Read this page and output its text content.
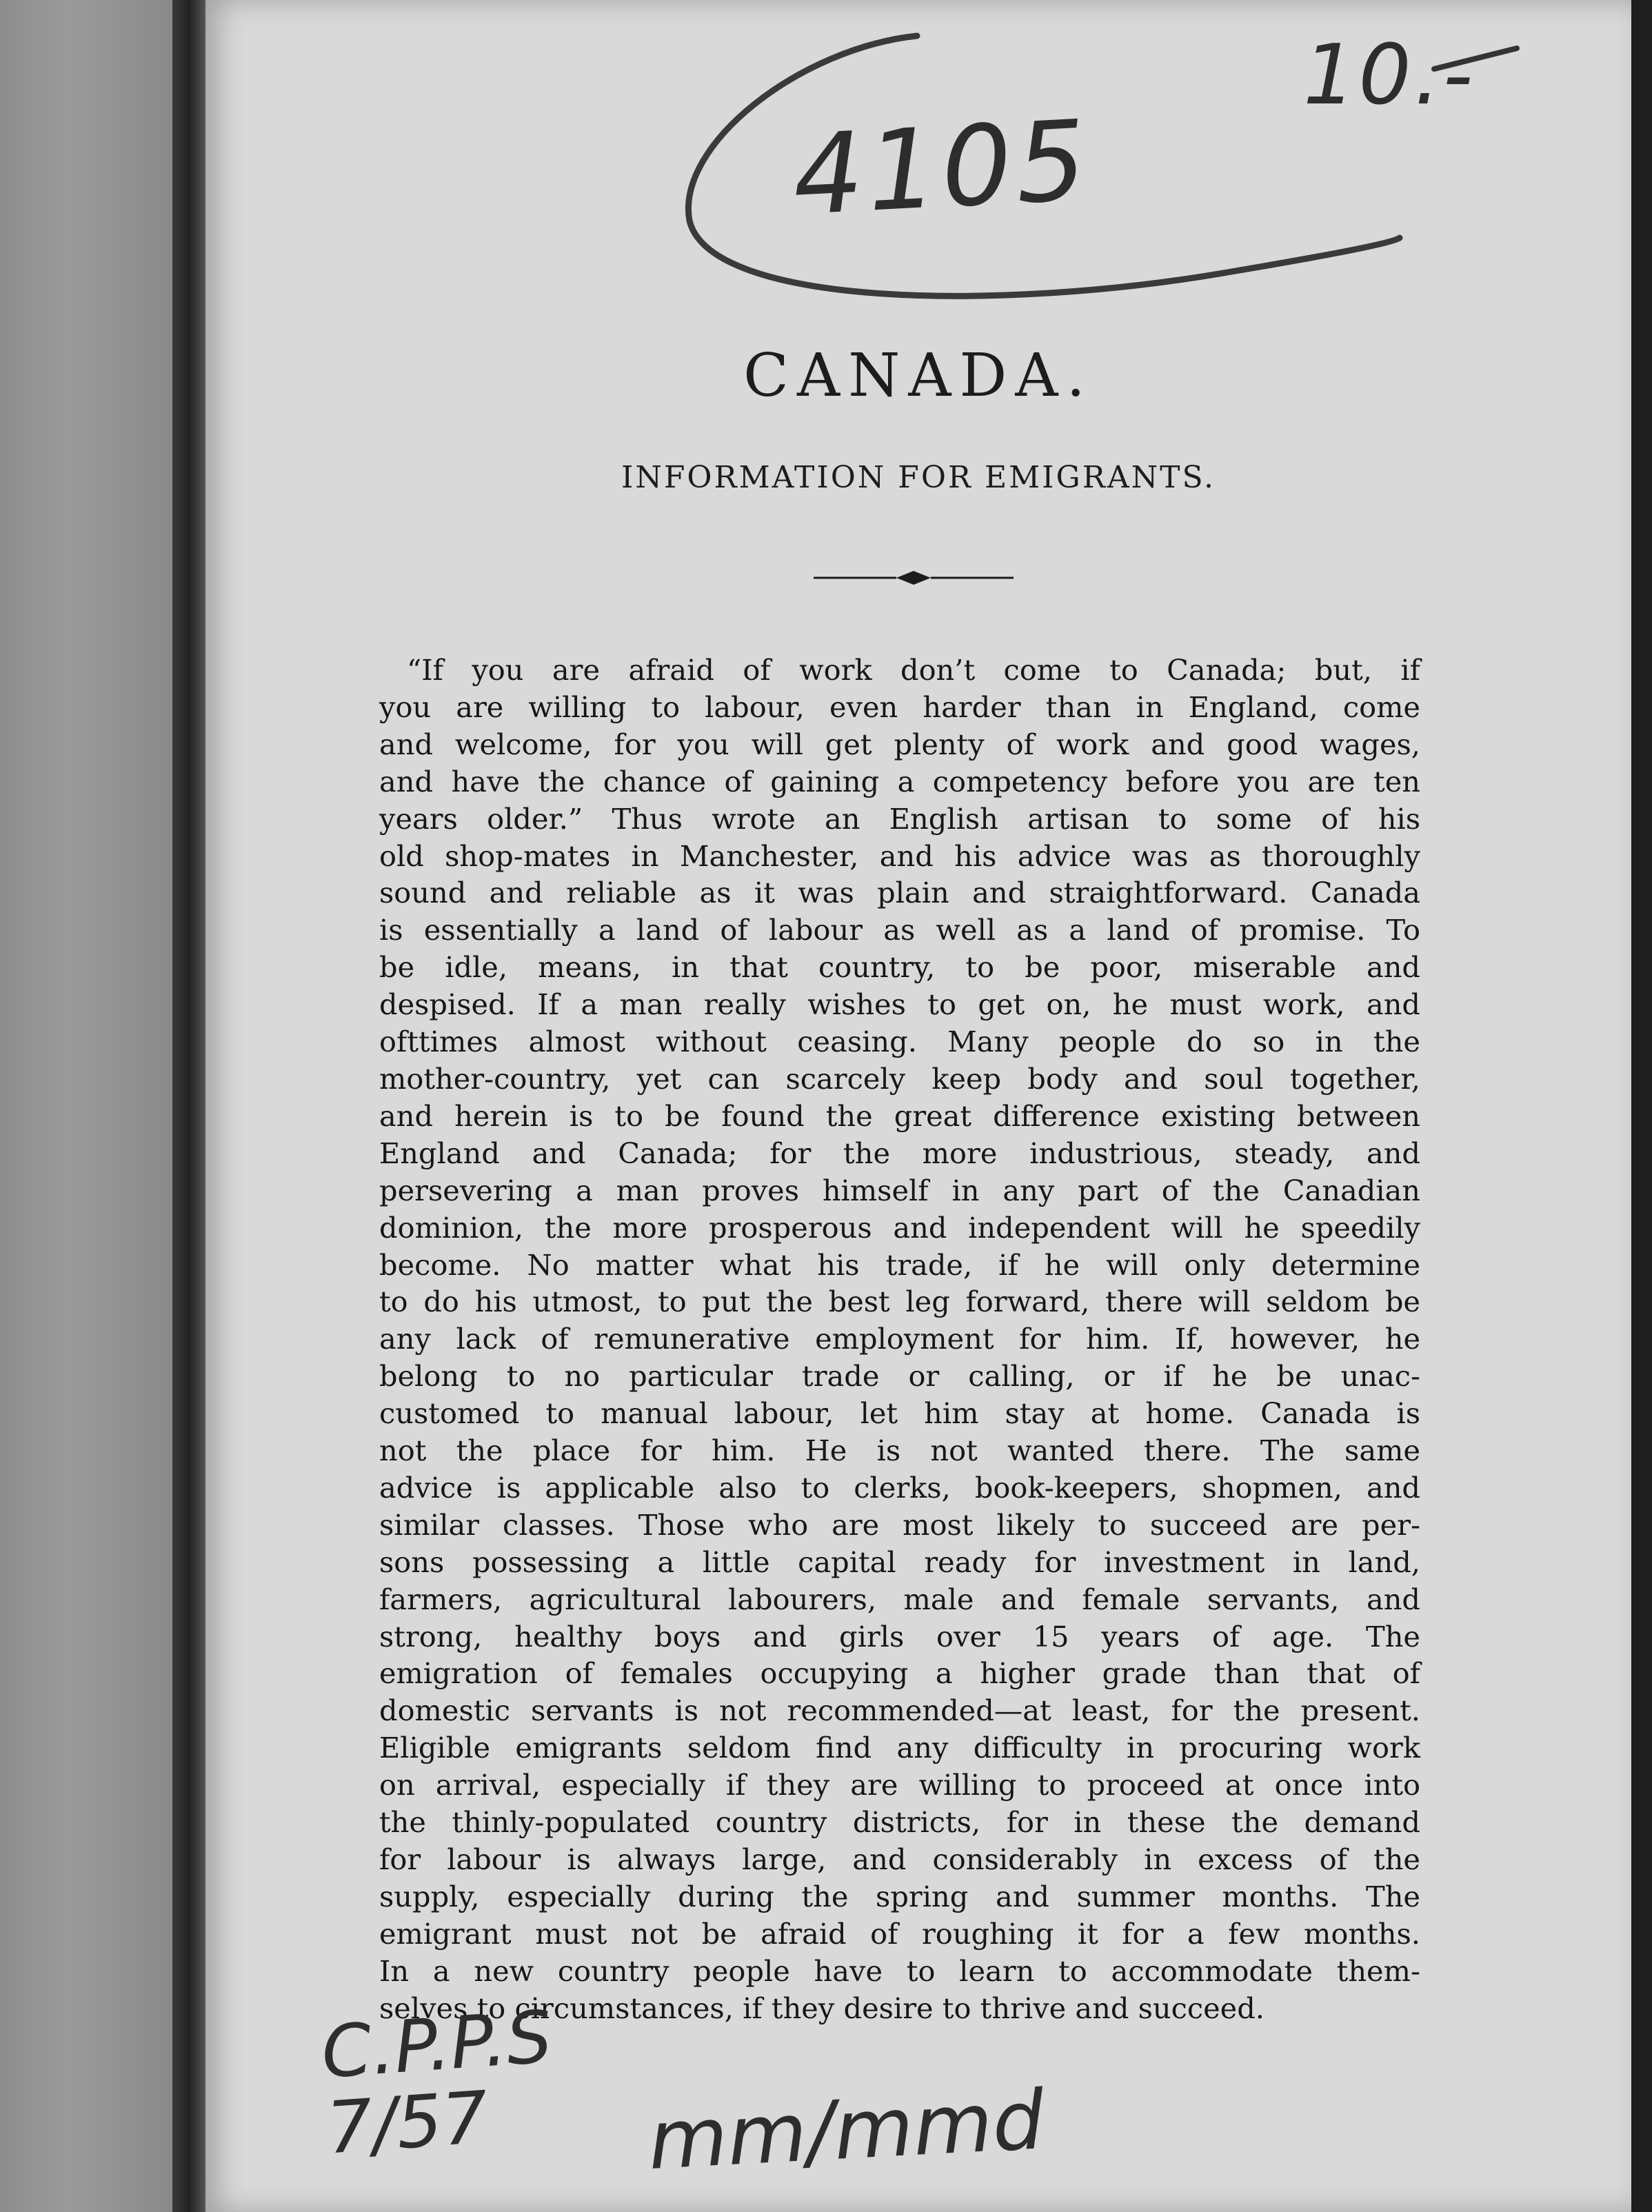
4105
10.-
CANADA.
INFORMATION FOR EMIGRANTS.
“If you are afraid of work don’t come to Canada; but, if
you are willing to labour, even harder than in England, come
and welcome, for you will get plenty of work and good wages,
and have the chance of gaining a competency before you are ten
years older.” Thus wrote an English artisan to some of his
old shop-mates in Manchester, and his advice was as thoroughly
sound and reliable as it was plain and straightforward. Canada
is essentially a land of labour as well as a land of promise. To
be idle, means, in that country, to be poor, miserable and
despised. If a man really wishes to get on, he must work, and
ofttimes almost without ceasing. Many people do so in the
mother-country, yet can scarcely keep body and soul together,
and herein is to be found the great difference existing between
England and Canada; for the more industrious, steady, and
persevering a man proves himself in any part of the Canadian
dominion, the more prosperous and independent will he speedily
become. No matter what his trade, if he will only determine
to do his utmost, to put the best leg forward, there will seldom be
any lack of remunerative employment for him. If, however, he
belong to no particular trade or calling, or if he be unac-
customed to manual labour, let him stay at home. Canada is
not the place for him. He is not wanted there. The same
advice is applicable also to clerks, book-keepers, shopmen, and
similar classes. Those who are most likely to succeed are per-
sons possessing a little capital ready for investment in land,
farmers, agricultural labourers, male and female servants, and
strong, healthy boys and girls over 15 years of age. The
emigration of females occupying a higher grade than that of
domestic servants is not recommended—at least, for the present.
Eligible emigrants seldom find any difficulty in procuring work
on arrival, especially if they are willing to proceed at once into
the thinly-populated country districts, for in these the demand
for labour is always large, and considerably in excess of the
supply, especially during the spring and summer months. The
emigrant must not be afraid of roughing it for a few months.
In a new country people have to learn to accommodate them-
selves to circumstances, if they desire to thrive and succeed.
C.P.P.S
7/57	mm/mmd
